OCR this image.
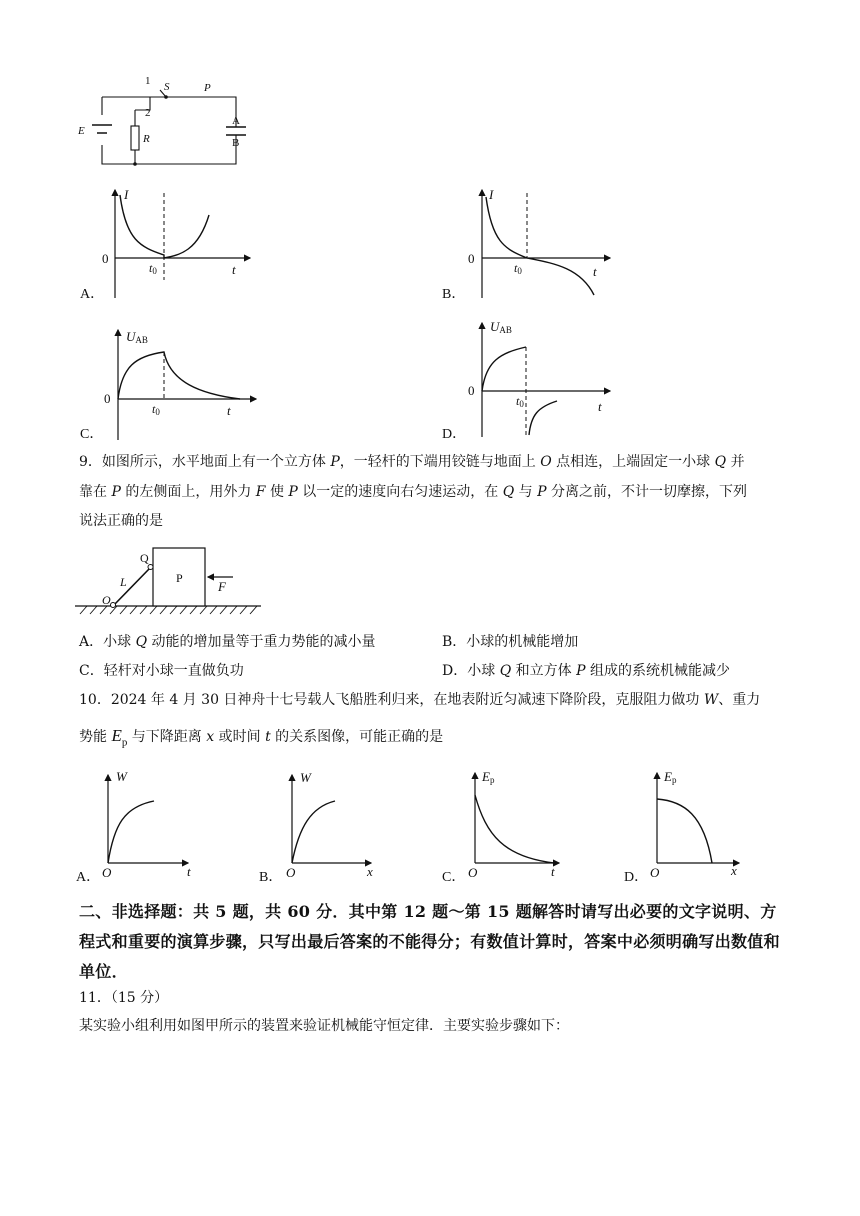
1 S	P
2
E
R
A
B
I
0
t0	t
A．
I
0
t0	t
B．
UAB
0
t0	t
C．
UAB
0
t0	t
D．
9．如图所示，水平地面上有一个立方体 P，一轻杆的下端用铰链与地面上 O 点相连，上端固定一小球 Q 并
靠在 P 的左侧面上，用外力 F 使 P 以一定的速度向右匀速运动，在 Q 与 P 分离之前，不计一切摩擦，下列
说法正确的是
Q
L	P
F
O
A．小球 Q 动能的增加量等于重力势能的减小量	B．小球的机械能增加
C．轻杆对小球一直做负功	D．小球 Q 和立方体 P 组成的系统机械能减少
10．2024 年 4 月 30 日神舟十七号载人飞船胜利归来，在地表附近匀减速下降阶段，克服阻力做功 W、重力
势能 $E_p$ 与下降距离 x 或时间 t 的关系图像，可能正确的是
W
O	t
A．
W
O	x
B．
Ep
O	t
C．
Ep
O	x
D．
二、非选择题：共 5 题，共 60 分．其中第 12 题～第 15 题解答时请写出必要的文字说明、方程式和重要的演算步骤，只写出最后答案的不能得分；有数值计算时，答案中必须明确写出数值和单位．
11．（15 分）
某实验小组利用如图甲所示的装置来验证机械能守恒定律．主要实验步骤如下：
